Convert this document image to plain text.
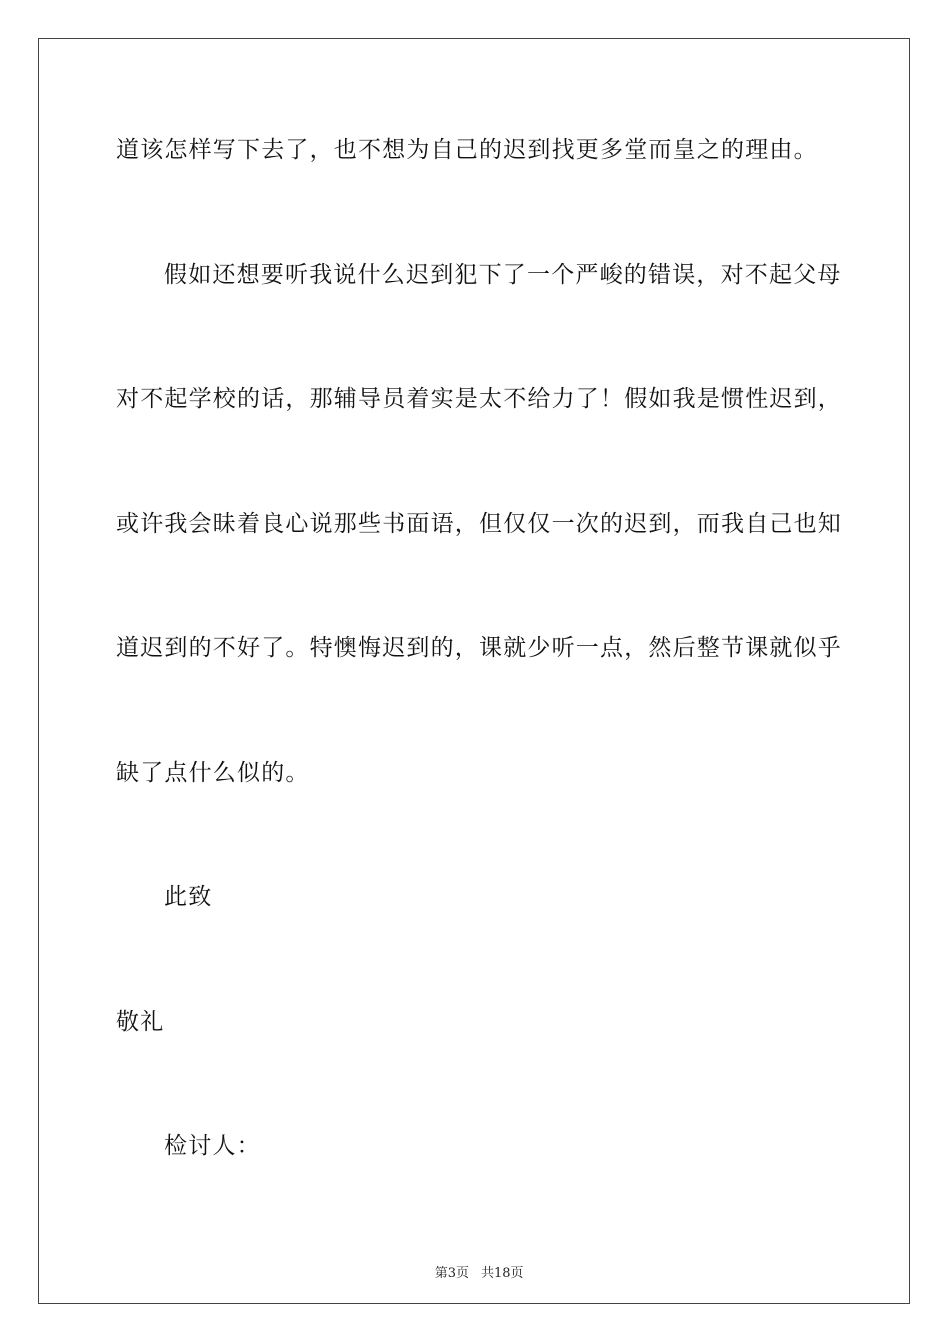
道该怎样写下去了，也不想为自己的迟到找更多堂而皇之的理由。
假如还想要听我说什么迟到犯下了一个严峻的错误，对不起父母
对不起学校的话，那辅导员着实是太不给力了！假如我是惯性迟到，
或许我会昧着良心说那些书面语，但仅仅一次的迟到，而我自己也知
道迟到的不好了。特懊悔迟到的，课就少听一点，然后整节课就似乎
缺了点什么似的。
此致
敬礼
检讨人：

第3页 共18页
